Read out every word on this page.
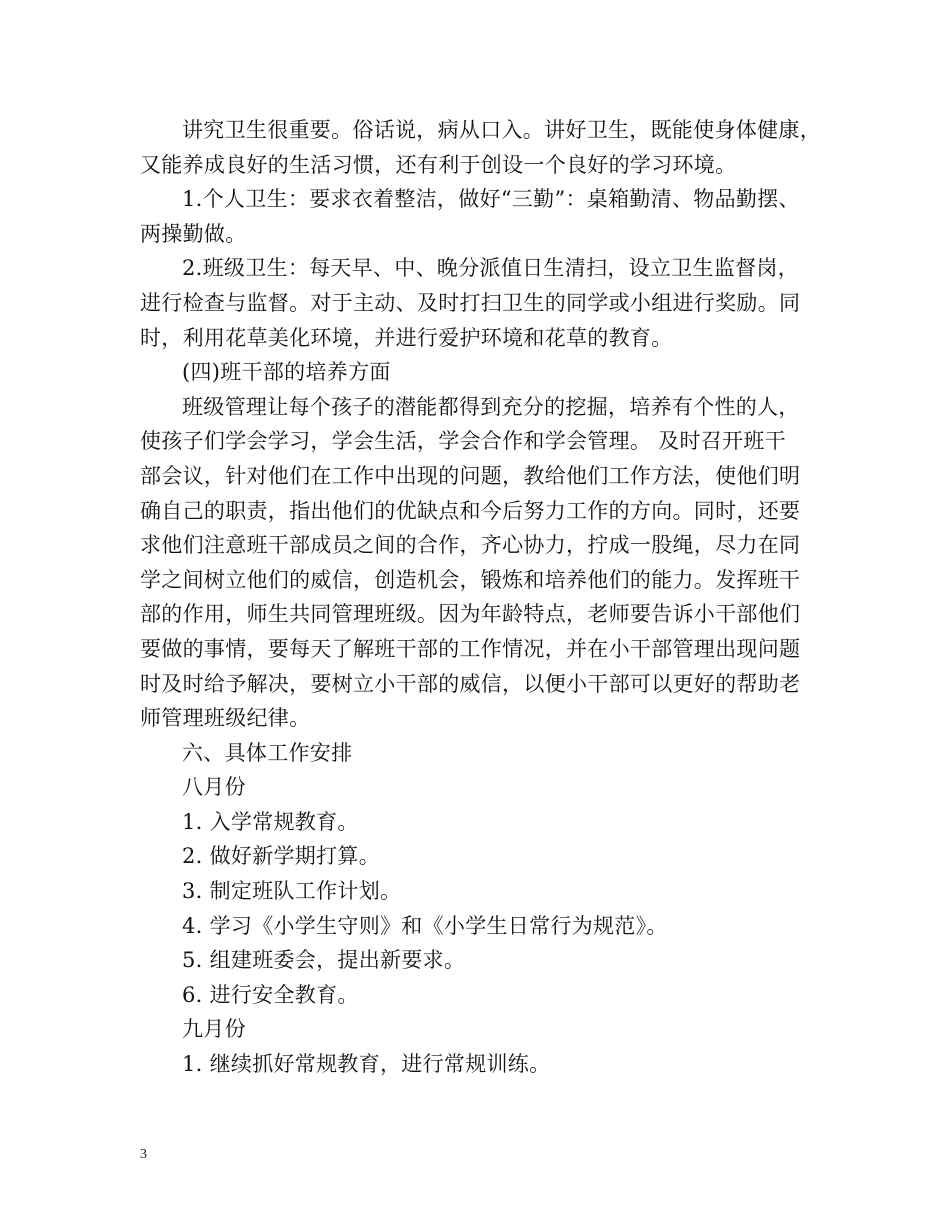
讲究卫生很重要。俗话说，病从口入。讲好卫生，既能使身体健康，
又能养成良好的生活习惯，还有利于创设一个良好的学习环境。
1.个人卫生：要求衣着整洁，做好“三勤”：桌箱勤清、物品勤摆、
两操勤做。
2.班级卫生：每天早、中、晚分派值日生清扫，设立卫生监督岗，
进行检查与监督。对于主动、及时打扫卫生的同学或小组进行奖励。同
时，利用花草美化环境，并进行爱护环境和花草的教育。
(四)班干部的培养方面
班级管理让每个孩子的潜能都得到充分的挖掘，培养有个性的人，
使孩子们学会学习，学会生活，学会合作和学会管理。 及时召开班干
部会议，针对他们在工作中出现的问题，教给他们工作方法，使他们明
确自己的职责，指出他们的优缺点和今后努力工作的方向。同时，还要
求他们注意班干部成员之间的合作，齐心协力，拧成一股绳，尽力在同
学之间树立他们的威信，创造机会，锻炼和培养他们的能力。发挥班干
部的作用，师生共同管理班级。因为年龄特点，老师要告诉小干部他们
要做的事情，要每天了解班干部的工作情况，并在小干部管理出现问题
时及时给予解决，要树立小干部的威信，以便小干部可以更好的帮助老
师管理班级纪律。
六、具体工作安排
八月份
1. 入学常规教育。
2. 做好新学期打算。
3. 制定班队工作计划。
4. 学习《小学生守则》和《小学生日常行为规范》。
5. 组建班委会，提出新要求。
6. 进行安全教育。
九月份
1. 继续抓好常规教育，进行常规训练。
3
